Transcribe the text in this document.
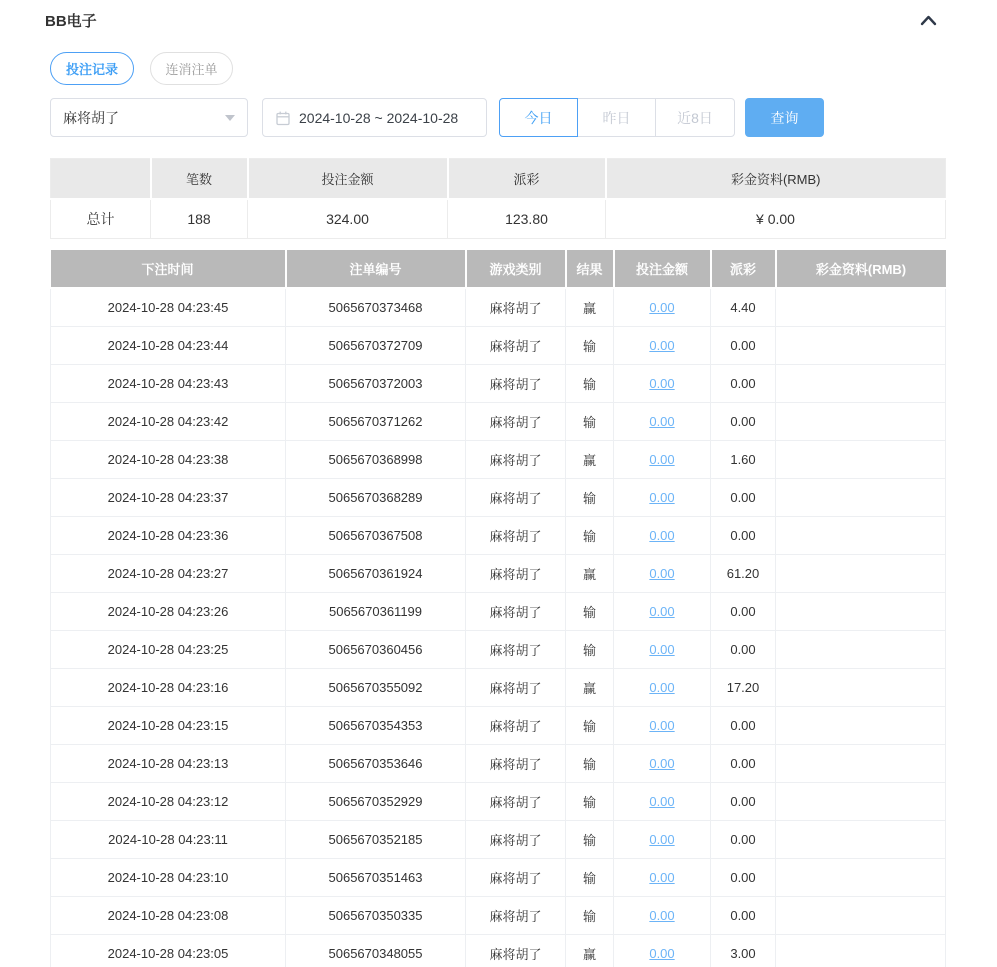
BB电子
投注记录	连消注单
麻将胡了	2024-10-28 ~ 2024-10-28	今日	昨日	近8日	查询
	笔数	投注金额	派彩	彩金资料(RMB)
总计	188	324.00	123.80	¥ 0.00
下注时间	注单编号	游戏类别	结果	投注金额	派彩	彩金资料(RMB)
2024-10-28 04:23:45	5065670373468	麻将胡了	赢	0.00	4.40	
2024-10-28 04:23:44	5065670372709	麻将胡了	输	0.00	0.00	
2024-10-28 04:23:43	5065670372003	麻将胡了	输	0.00	0.00	
2024-10-28 04:23:42	5065670371262	麻将胡了	输	0.00	0.00	
2024-10-28 04:23:38	5065670368998	麻将胡了	赢	0.00	1.60	
2024-10-28 04:23:37	5065670368289	麻将胡了	输	0.00	0.00	
2024-10-28 04:23:36	5065670367508	麻将胡了	输	0.00	0.00	
2024-10-28 04:23:27	5065670361924	麻将胡了	赢	0.00	61.20	
2024-10-28 04:23:26	5065670361199	麻将胡了	输	0.00	0.00	
2024-10-28 04:23:25	5065670360456	麻将胡了	输	0.00	0.00	
2024-10-28 04:23:16	5065670355092	麻将胡了	赢	0.00	17.20	
2024-10-28 04:23:15	5065670354353	麻将胡了	输	0.00	0.00	
2024-10-28 04:23:13	5065670353646	麻将胡了	输	0.00	0.00	
2024-10-28 04:23:12	5065670352929	麻将胡了	输	0.00	0.00	
2024-10-28 04:23:11	5065670352185	麻将胡了	输	0.00	0.00	
2024-10-28 04:23:10	5065670351463	麻将胡了	输	0.00	0.00	
2024-10-28 04:23:08	5065670350335	麻将胡了	输	0.00	0.00	
2024-10-28 04:23:05	5065670348055	麻将胡了	赢	0.00	3.00	
